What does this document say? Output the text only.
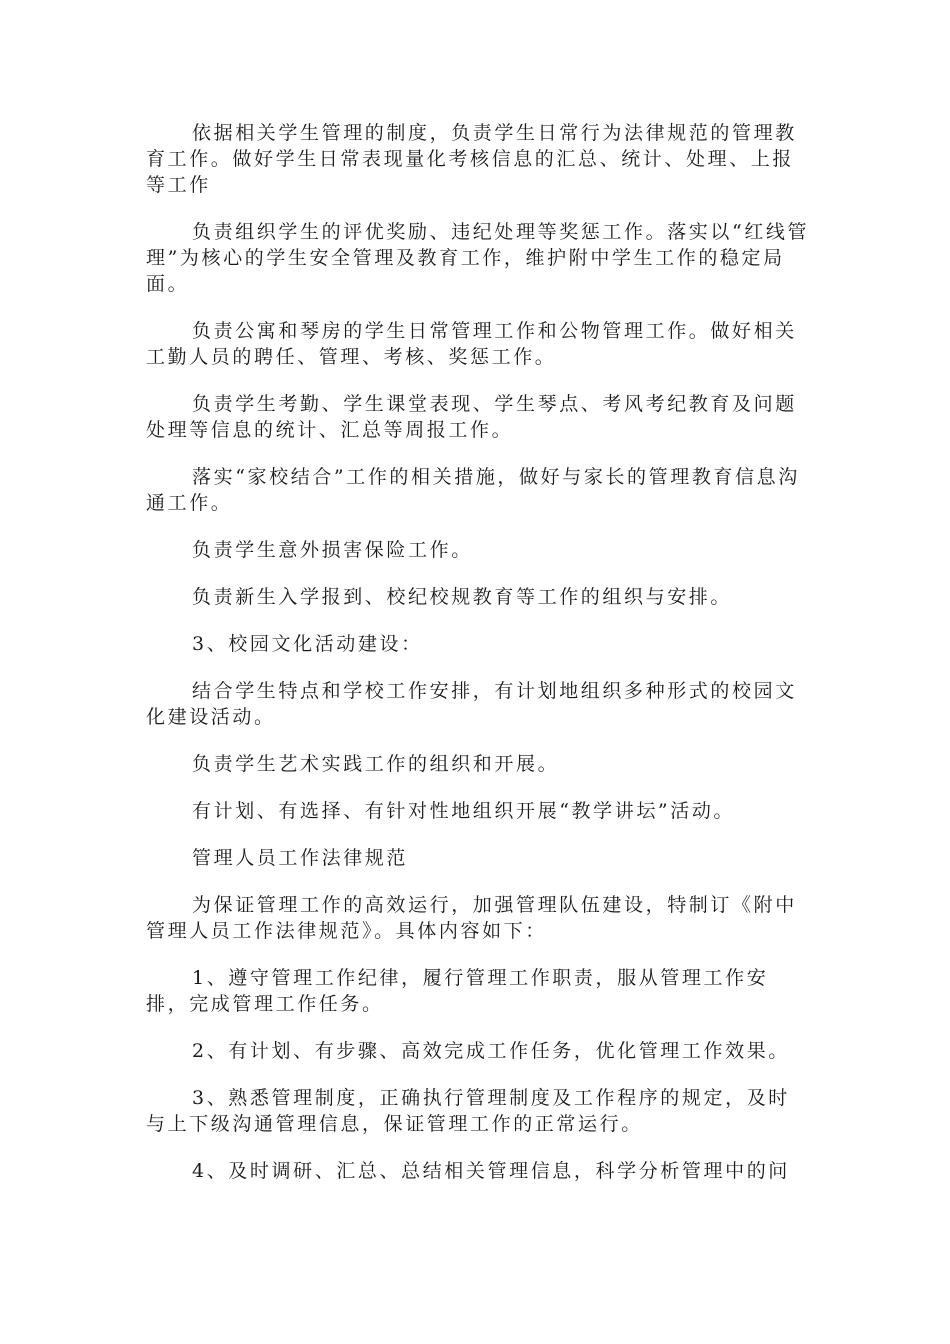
依据相关学生管理的制度，负责学生日常行为法律规范的管理教育工作。做好学生日常表现量化考核信息的汇总、统计、处理、上报等工作

负责组织学生的评优奖励、违纪处理等奖惩工作。落实以“红线管理”为核心的学生安全管理及教育工作，维护附中学生工作的稳定局面。

负责公寓和琴房的学生日常管理工作和公物管理工作。做好相关工勤人员的聘任、管理、考核、奖惩工作。

负责学生考勤、学生课堂表现、学生琴点、考风考纪教育及问题处理等信息的统计、汇总等周报工作。

落实“家校结合”工作的相关措施，做好与家长的管理教育信息沟通工作。

负责学生意外损害保险工作。

负责新生入学报到、校纪校规教育等工作的组织与安排。

3、校园文化活动建设：

结合学生特点和学校工作安排，有计划地组织多种形式的校园文化建设活动。

负责学生艺术实践工作的组织和开展。

有计划、有选择、有针对性地组织开展“教学讲坛”活动。

管理人员工作法律规范

为保证管理工作的高效运行，加强管理队伍建设，特制订《附中管理人员工作法律规范》。具体内容如下：

1、遵守管理工作纪律，履行管理工作职责，服从管理工作安排，完成管理工作任务。

2、有计划、有步骤、高效完成工作任务，优化管理工作效果。

3、熟悉管理制度，正确执行管理制度及工作程序的规定，及时与上下级沟通管理信息，保证管理工作的正常运行。

4、及时调研、汇总、总结相关管理信息，科学分析管理中的问
